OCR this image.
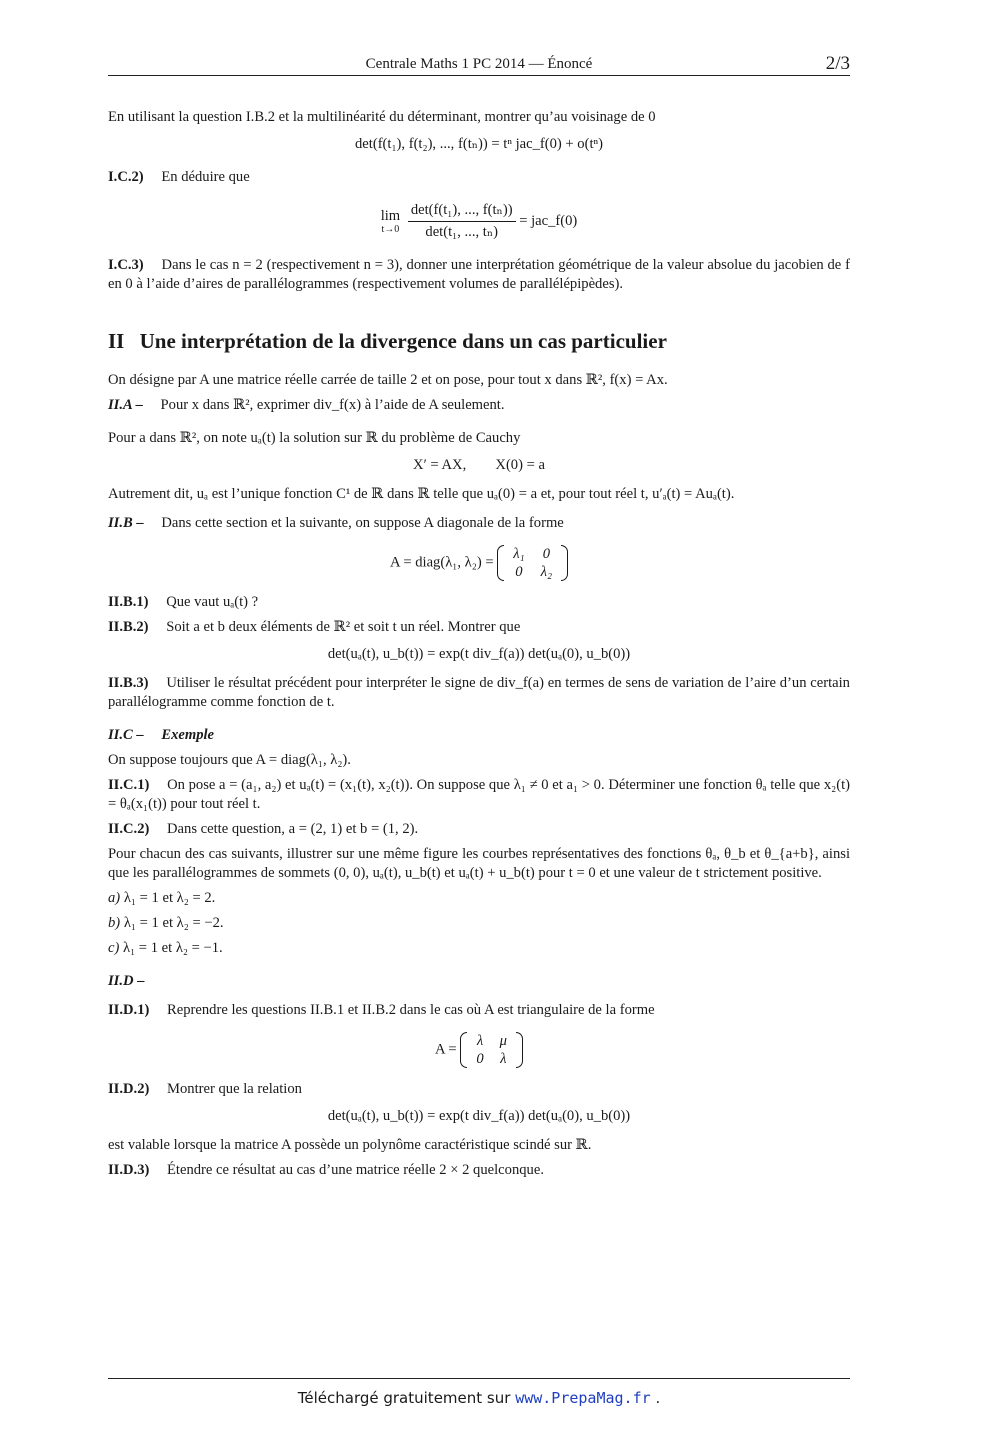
Centrale Maths 1 PC 2014 — Énoncé	2/3

En utilisant la question I.B.2 et la multilinéarité du déterminant, montrer qu’au voisinage de 0

det(f(t₁), f(t₂), ..., f(tₙ)) = tⁿ jac_f(0) + o(tⁿ)

I.C.2) En déduire que

lim
t→0
$\frac{\text{det(f(t₁), ..., f(tₙ))}}{\text{det(t₁, ..., tₙ)}}$ = jac_f(0)

I.C.3) Dans le cas n = 2 (respectivement n = 3), donner une interprétation géométrique de la valeur absolue du jacobien de f en 0 à l’aide d’aires de parallélogrammes (respectivement volumes de parallélépipèdes).

II Une interprétation de la divergence dans un cas particulier

On désigne par A une matrice réelle carrée de taille 2 et on pose, pour tout x dans ℝ², f(x) = Ax.

II.A – Pour x dans ℝ², exprimer div_f(x) à l’aide de A seulement.

Pour a dans ℝ², on note uₐ(t) la solution sur ℝ du problème de Cauchy

X′ = AX,        X(0) = a

Autrement dit, uₐ est l’unique fonction C¹ de ℝ dans ℝ telle que uₐ(0) = a et, pour tout réel t, u′ₐ(t) = Auₐ(t).

II.B – Dans cette section et la suivante, on suppose A diagonale de la forme

A = diag(λ₁, λ₂) =
λ₁	0
0	λ₂

II.B.1) Que vaut uₐ(t) ?

II.B.2) Soit a et b deux éléments de ℝ² et soit t un réel. Montrer que

det(uₐ(t), u_b(t)) = exp(t div_f(a)) det(uₐ(0), u_b(0))

II.B.3) Utiliser le résultat précédent pour interpréter le signe de div_f(a) en termes de sens de variation de l’aire d’un certain parallélogramme comme fonction de t.

II.C – Exemple

On suppose toujours que A = diag(λ₁, λ₂).

II.C.1) On pose a = (a₁, a₂) et uₐ(t) = (x₁(t), x₂(t)). On suppose que λ₁ ≠ 0 et a₁ > 0. Déterminer une fonction θₐ telle que x₂(t) = θₐ(x₁(t)) pour tout réel t.

II.C.2) Dans cette question, a = (2, 1) et b = (1, 2).

Pour chacun des cas suivants, illustrer sur une même figure les courbes représentatives des fonctions θₐ, θ_b et θ_{a+b}, ainsi que les parallélogrammes de sommets (0, 0), uₐ(t), u_b(t) et uₐ(t) + u_b(t) pour t = 0 et une valeur de t strictement positive.

a) λ₁ = 1 et λ₂ = 2.

b) λ₁ = 1 et λ₂ = −2.

c) λ₁ = 1 et λ₂ = −1.

II.D –

II.D.1) Reprendre les questions II.B.1 et II.B.2 dans le cas où A est triangulaire de la forme

A =
λ	μ
0	λ

II.D.2) Montrer que la relation

det(uₐ(t), u_b(t)) = exp(t div_f(a)) det(uₐ(0), u_b(0))

est valable lorsque la matrice A possède un polynôme caractéristique scindé sur ℝ.

II.D.3) Étendre ce résultat au cas d’une matrice réelle 2 × 2 quelconque.

Téléchargé gratuitement sur www.PrepaMag.fr .
